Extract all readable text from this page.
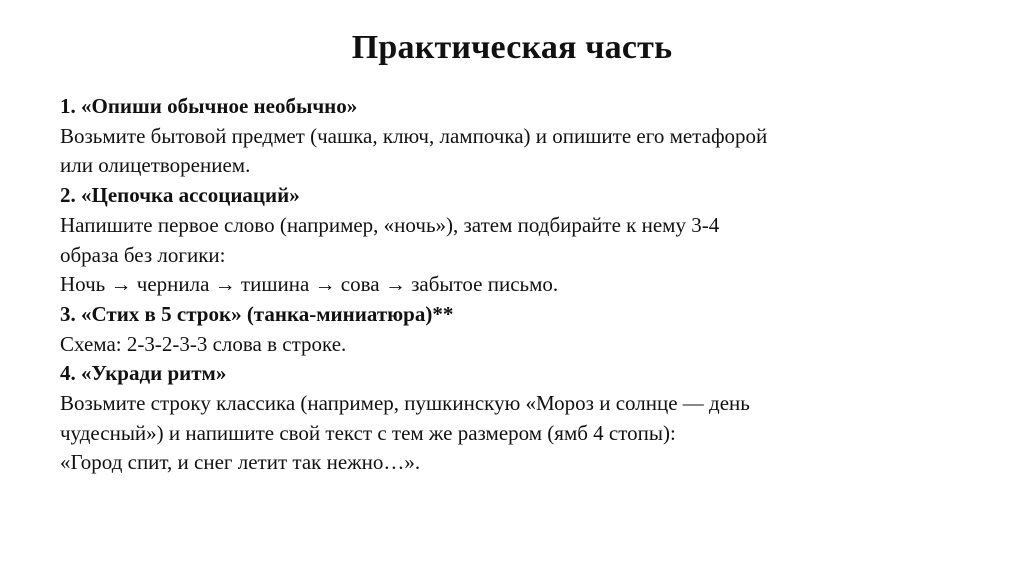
Практическая часть
1. «Опиши обычное необычно»
Возьмите бытовой предмет (чашка, ключ, лампочка) и опишите его метафорой
или олицетворением.
2. «Цепочка ассоциаций»
Напишите первое слово (например, «ночь»), затем подбирайте к нему 3-4
образа без логики:
Ночь → чернила → тишина → сова → забытое письмо.
3. «Стих в 5 строк» (танка-миниатюра)**
Схема: 2-3-2-3-3 слова в строке.
4. «Укради ритм»
Возьмите строку классика (например, пушкинскую «Мороз и солнце — день
чудесный») и напишите свой текст с тем же размером (ямб 4 стопы):
«Город спит, и снег летит так нежно…».
